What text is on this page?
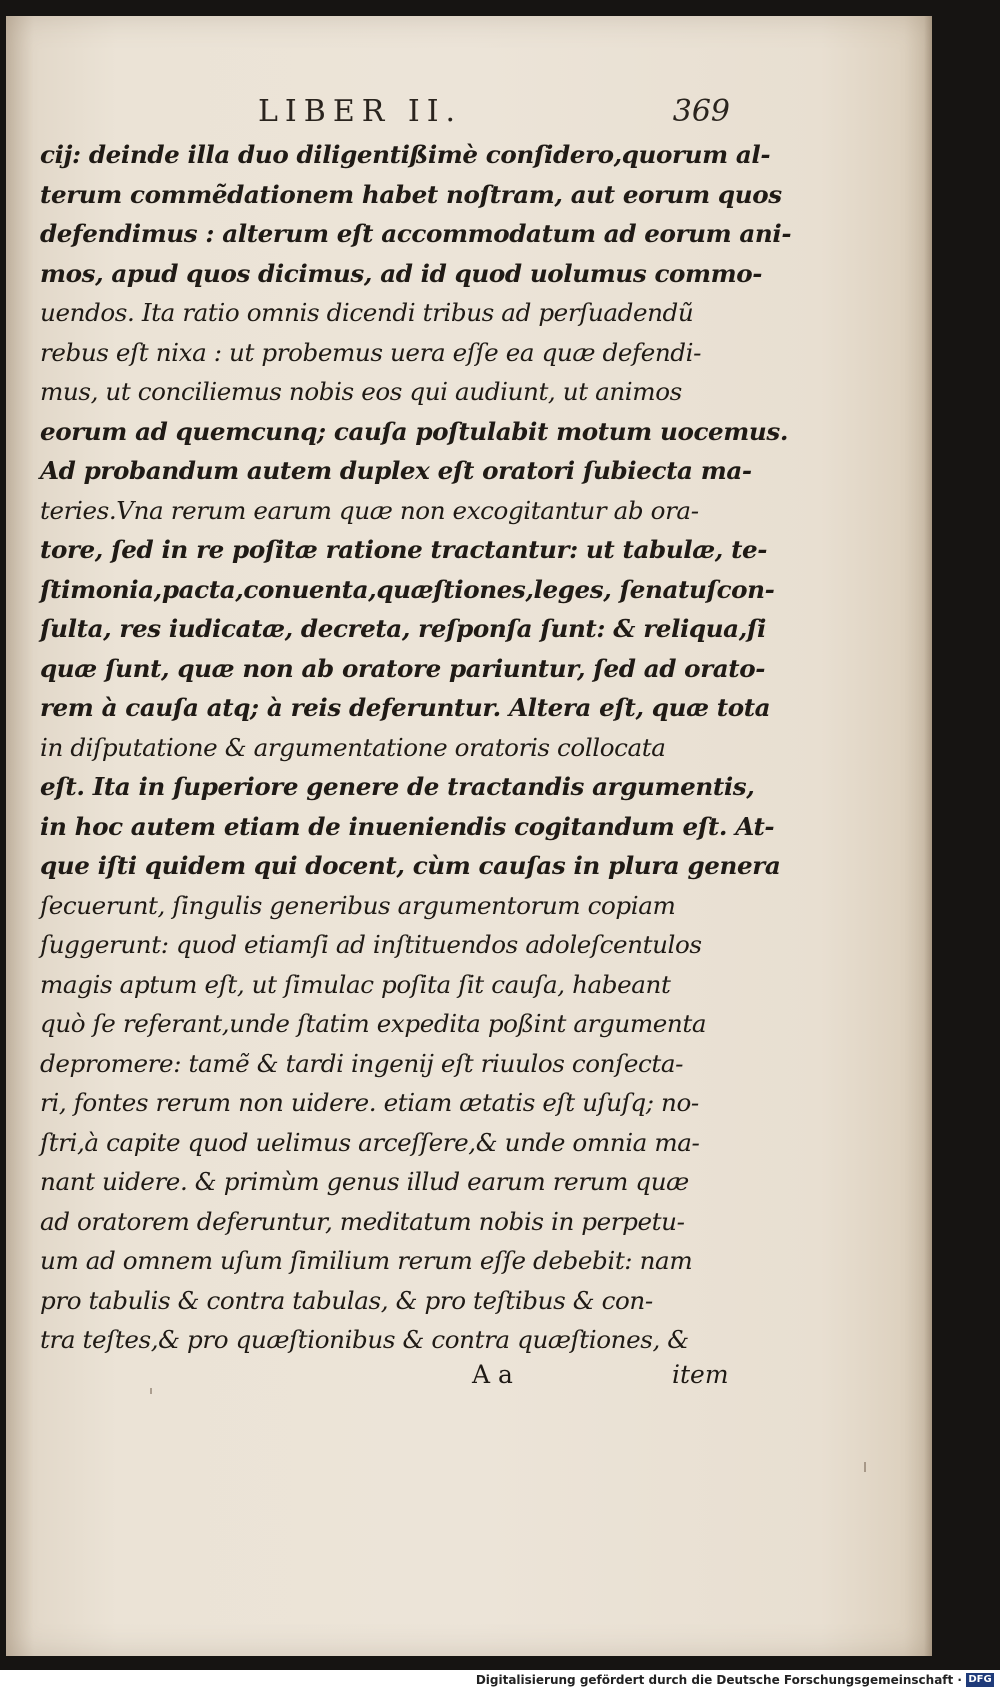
LIBER II.	369
cij: deinde illa duo diligentißimè conſidero,quorum al-
terum commẽdationem habet noſtram, aut eorum quos
defendimus : alterum eſt accommodatum ad eorum ani-
mos, apud quos dicimus, ad id quod uolumus commo-
uendos. Ita ratio omnis dicendi tribus ad perſuadendũ
rebus eſt nixa : ut probemus uera eſſe ea quæ defendi-
mus, ut conciliemus nobis eos qui audiunt, ut animos
eorum ad quemcunq; cauſa poſtulabit motum uocemus.
Ad probandum autem duplex eſt oratori ſubiecta ma-
teries.Vna rerum earum quæ non excogitantur ab ora-
tore, ſed in re poſitæ ratione tractantur: ut tabulæ, te-
ſtimonia,pacta,conuenta,quæſtiones,leges, ſenatuſcon-
ſulta, res iudicatæ, decreta, reſponſa ſunt: & reliqua,ſi
quæ ſunt, quæ non ab oratore pariuntur, ſed ad orato-
rem à cauſa atq; à reis deferuntur. Altera eſt, quæ tota
in diſputatione & argumentatione oratoris collocata
eſt. Ita in ſuperiore genere de tractandis argumentis,
in hoc autem etiam de inueniendis cogitandum eſt. At-
que iſti quidem qui docent, cùm cauſas in plura genera
ſecuerunt, ſingulis generibus argumentorum copiam
ſuggerunt: quod etiamſi ad inſtituendos adoleſcentulos
magis aptum eſt, ut ſimulac poſita ſit cauſa, habeant
quò ſe referant,unde ſtatim expedita poßint argumenta
depromere: tamẽ & tardi ingenij eſt riuulos conſecta-
ri, fontes rerum non uidere. etiam ætatis eſt uſuſq; no-
ſtri,à capite quod uelimus arceſſere,& unde omnia ma-
nant uidere. & primùm genus illud earum rerum quæ
ad oratorem deferuntur, meditatum nobis in perpetu-
um ad omnem uſum ſimilium rerum eſſe debebit: nam
pro tabulis & contra tabulas, & pro teſtibus & con-
tra teſtes,& pro quæſtionibus & contra quæſtiones, &
A a	item
Digitalisierung gefördert durch die Deutsche Forschungsgemeinschaft · DFG
